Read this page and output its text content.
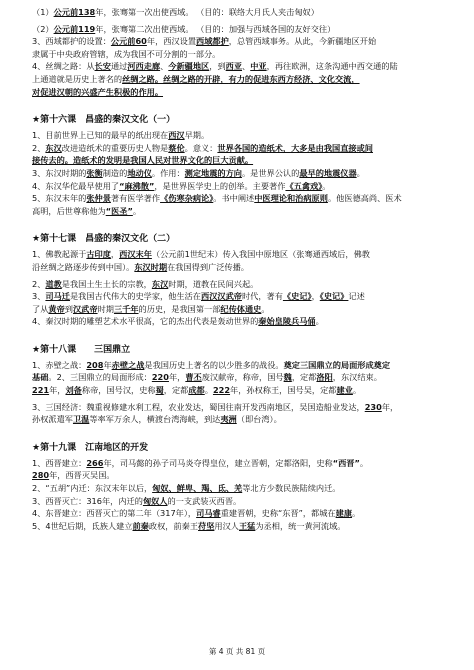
（1）公元前138年，张骞第一次出使西域。 （目的：联络大月氏人夹击匈奴）
（2）公元前119年，张骞第二次出使西域。 （目的：加强与西域各国的友好交往）
3、西域都护的设置：公元前60年，西汉设置西域都护，总管西域事务。从此，今新疆地区开始
隶属于中央政府管辖，成为我国不可分割的一部分。
4、丝绸之路：从长安通过河西走廊、今新疆地区，到西亚、中亚，再往欧洲，这条沟通中西交通的陆
上通道就是历史上著名的丝绸之路。丝绸之路的开辟，有力的促进东西方经济、文化交流，
对促进汉朝的兴盛产生积极的作用。
★第十六课　昌盛的秦汉文化（一）
1、目前世界上已知的最早的纸出现在西汉早期。
2、东汉改进造纸术的重要历史人物是蔡伦。意义：世界各国的造纸术，大多是由我国直接或间
接传去的。造纸术的发明是我国人民对世界文化的巨大贡献。
3、东汉时期的张衡制造的地动仪。作用：测定地震的方向。是世界公认的最早的地震仪器。
4、东汉华佗最早使用了“麻沸散”，是世界医学史上的创举。主要著作《五禽戏》。
5、东汉末年的张仲景著有医学著作《伤寒杂病论》。书中阐述中医理论和治病原则。他医德高尚、医术
高明，后世尊称他为“医圣”。
★第十七课　昌盛的秦汉文化（二）
1、佛教起源于古印度，西汉末年（公元前1世纪末）传入我国中原地区（张骞通西域后，佛教
沿丝绸之路逐步传到中国）。东汉时期在我国得到广泛传播。
2、道教是我国土生土长的宗教，东汉时期，道教在民间兴起。
3、司马迁是我国古代伟大的史学家，他生活在西汉汉武帝时代，著有《史记》，《史记》记述
了从黄帝到汉武帝时期三千年的历史，是我国第一部纪传体通史。
4、秦汉时期的雕塑艺术水平很高，它的杰出代表是轰动世界的秦始皇陵兵马俑。
★第十八课　　三国鼎立
1、赤壁之战：208年赤壁之战是我国历史上著名的以少胜多的战役。奠定三国鼎立的局面形成奠定
基础。2、三国鼎立的局面形成：220年，曹丕废汉献帝，称帝，国号魏，定都洛阳，东汉结束。
221年，刘备称帝，国号汉，史称蜀，定都成都。222年，孙权称王，国号吴，定都建业。
3、三国经济：魏重视修建水利工程，农业发达，蜀国往南开发西南地区，吴国造船业发达，230年，
孙权派遣军卫温等率军万余人，横渡台湾海峡，到达夷洲（即台湾）。
★第十九课　江南地区的开发
1、西晋建立：266年，司马懿的孙子司马炎夺得皇位，建立晋朝，定都洛阳，史称“西晋”。
280年，西晋灭吴国。
2、“五胡”内迁：东汉末年以后，匈奴、鲜卑、羯、氐、羌等北方少数民族陆续内迁。
3、西晋灭亡：316年，内迁的匈奴人的一支武装灭西晋。
4、东晋建立：西晋灭亡的第二年（317年），司马睿重建晋朝，史称“东晋”，都城在建康。
5、4世纪后期，氐族人建立前秦政权，前秦王苻坚用汉人王猛为丞相，统一黄河流域。
第 4 页 共 81 页
